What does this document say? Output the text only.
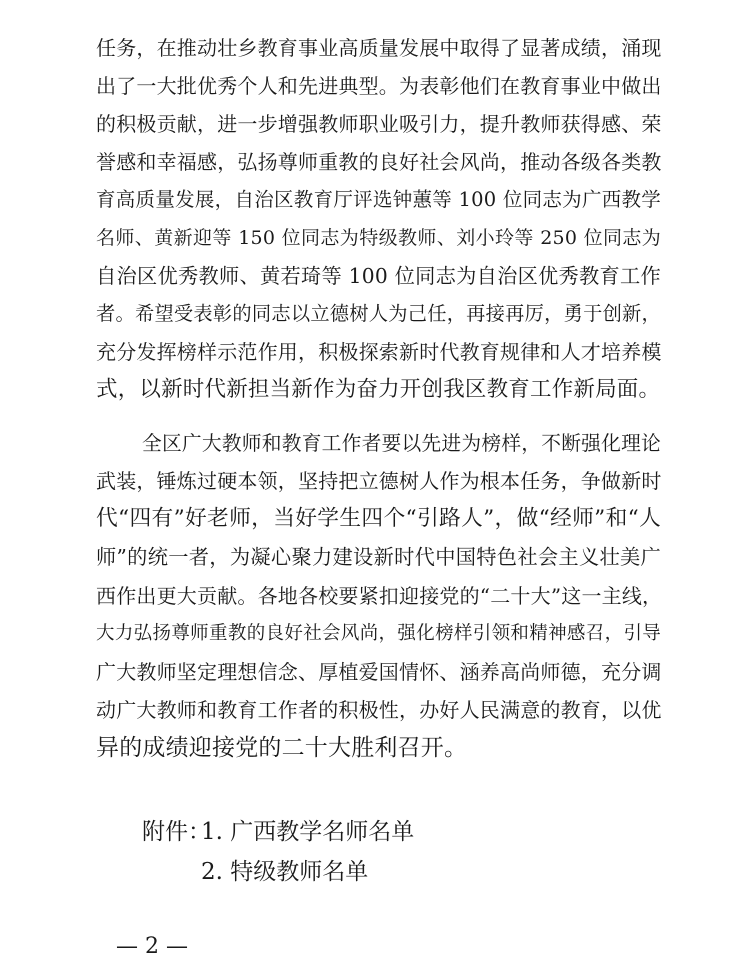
任务，在推动壮乡教育事业高质量发展中取得了显著成绩，涌现
出了一大批优秀个人和先进典型。为表彰他们在教育事业中做出
的积极贡献，进一步增强教师职业吸引力，提升教师获得感、荣
誉感和幸福感，弘扬尊师重教的良好社会风尚，推动各级各类教
育高质量发展，自治区教育厅评选钟蕙等 100 位同志为广西教学
名师、黄新迎等 150 位同志为特级教师、刘小玲等 250 位同志为
自治区优秀教师、黄若琦等 100 位同志为自治区优秀教育工作
者。希望受表彰的同志以立德树人为己任，再接再厉，勇于创新，
充分发挥榜样示范作用，积极探索新时代教育规律和人才培养模
式，以新时代新担当新作为奋力开创我区教育工作新局面。
全区广大教师和教育工作者要以先进为榜样，不断强化理论
武装，锤炼过硬本领，坚持把立德树人作为根本任务，争做新时
代“四有”好老师，当好学生四个“引路人”，做“经师”和“人
师”的统一者，为凝心聚力建设新时代中国特色社会主义壮美广
西作出更大贡献。各地各校要紧扣迎接党的“二十大”这一主线，
大力弘扬尊师重教的良好社会风尚，强化榜样引领和精神感召，引导
广大教师坚定理想信念、厚植爱国情怀、涵养高尚师德，充分调
动广大教师和教育工作者的积极性，办好人民满意的教育，以优
异的成绩迎接党的二十大胜利召开。
附件：
1. 广西教学名师名单
2. 特级教师名单
— 2 —
